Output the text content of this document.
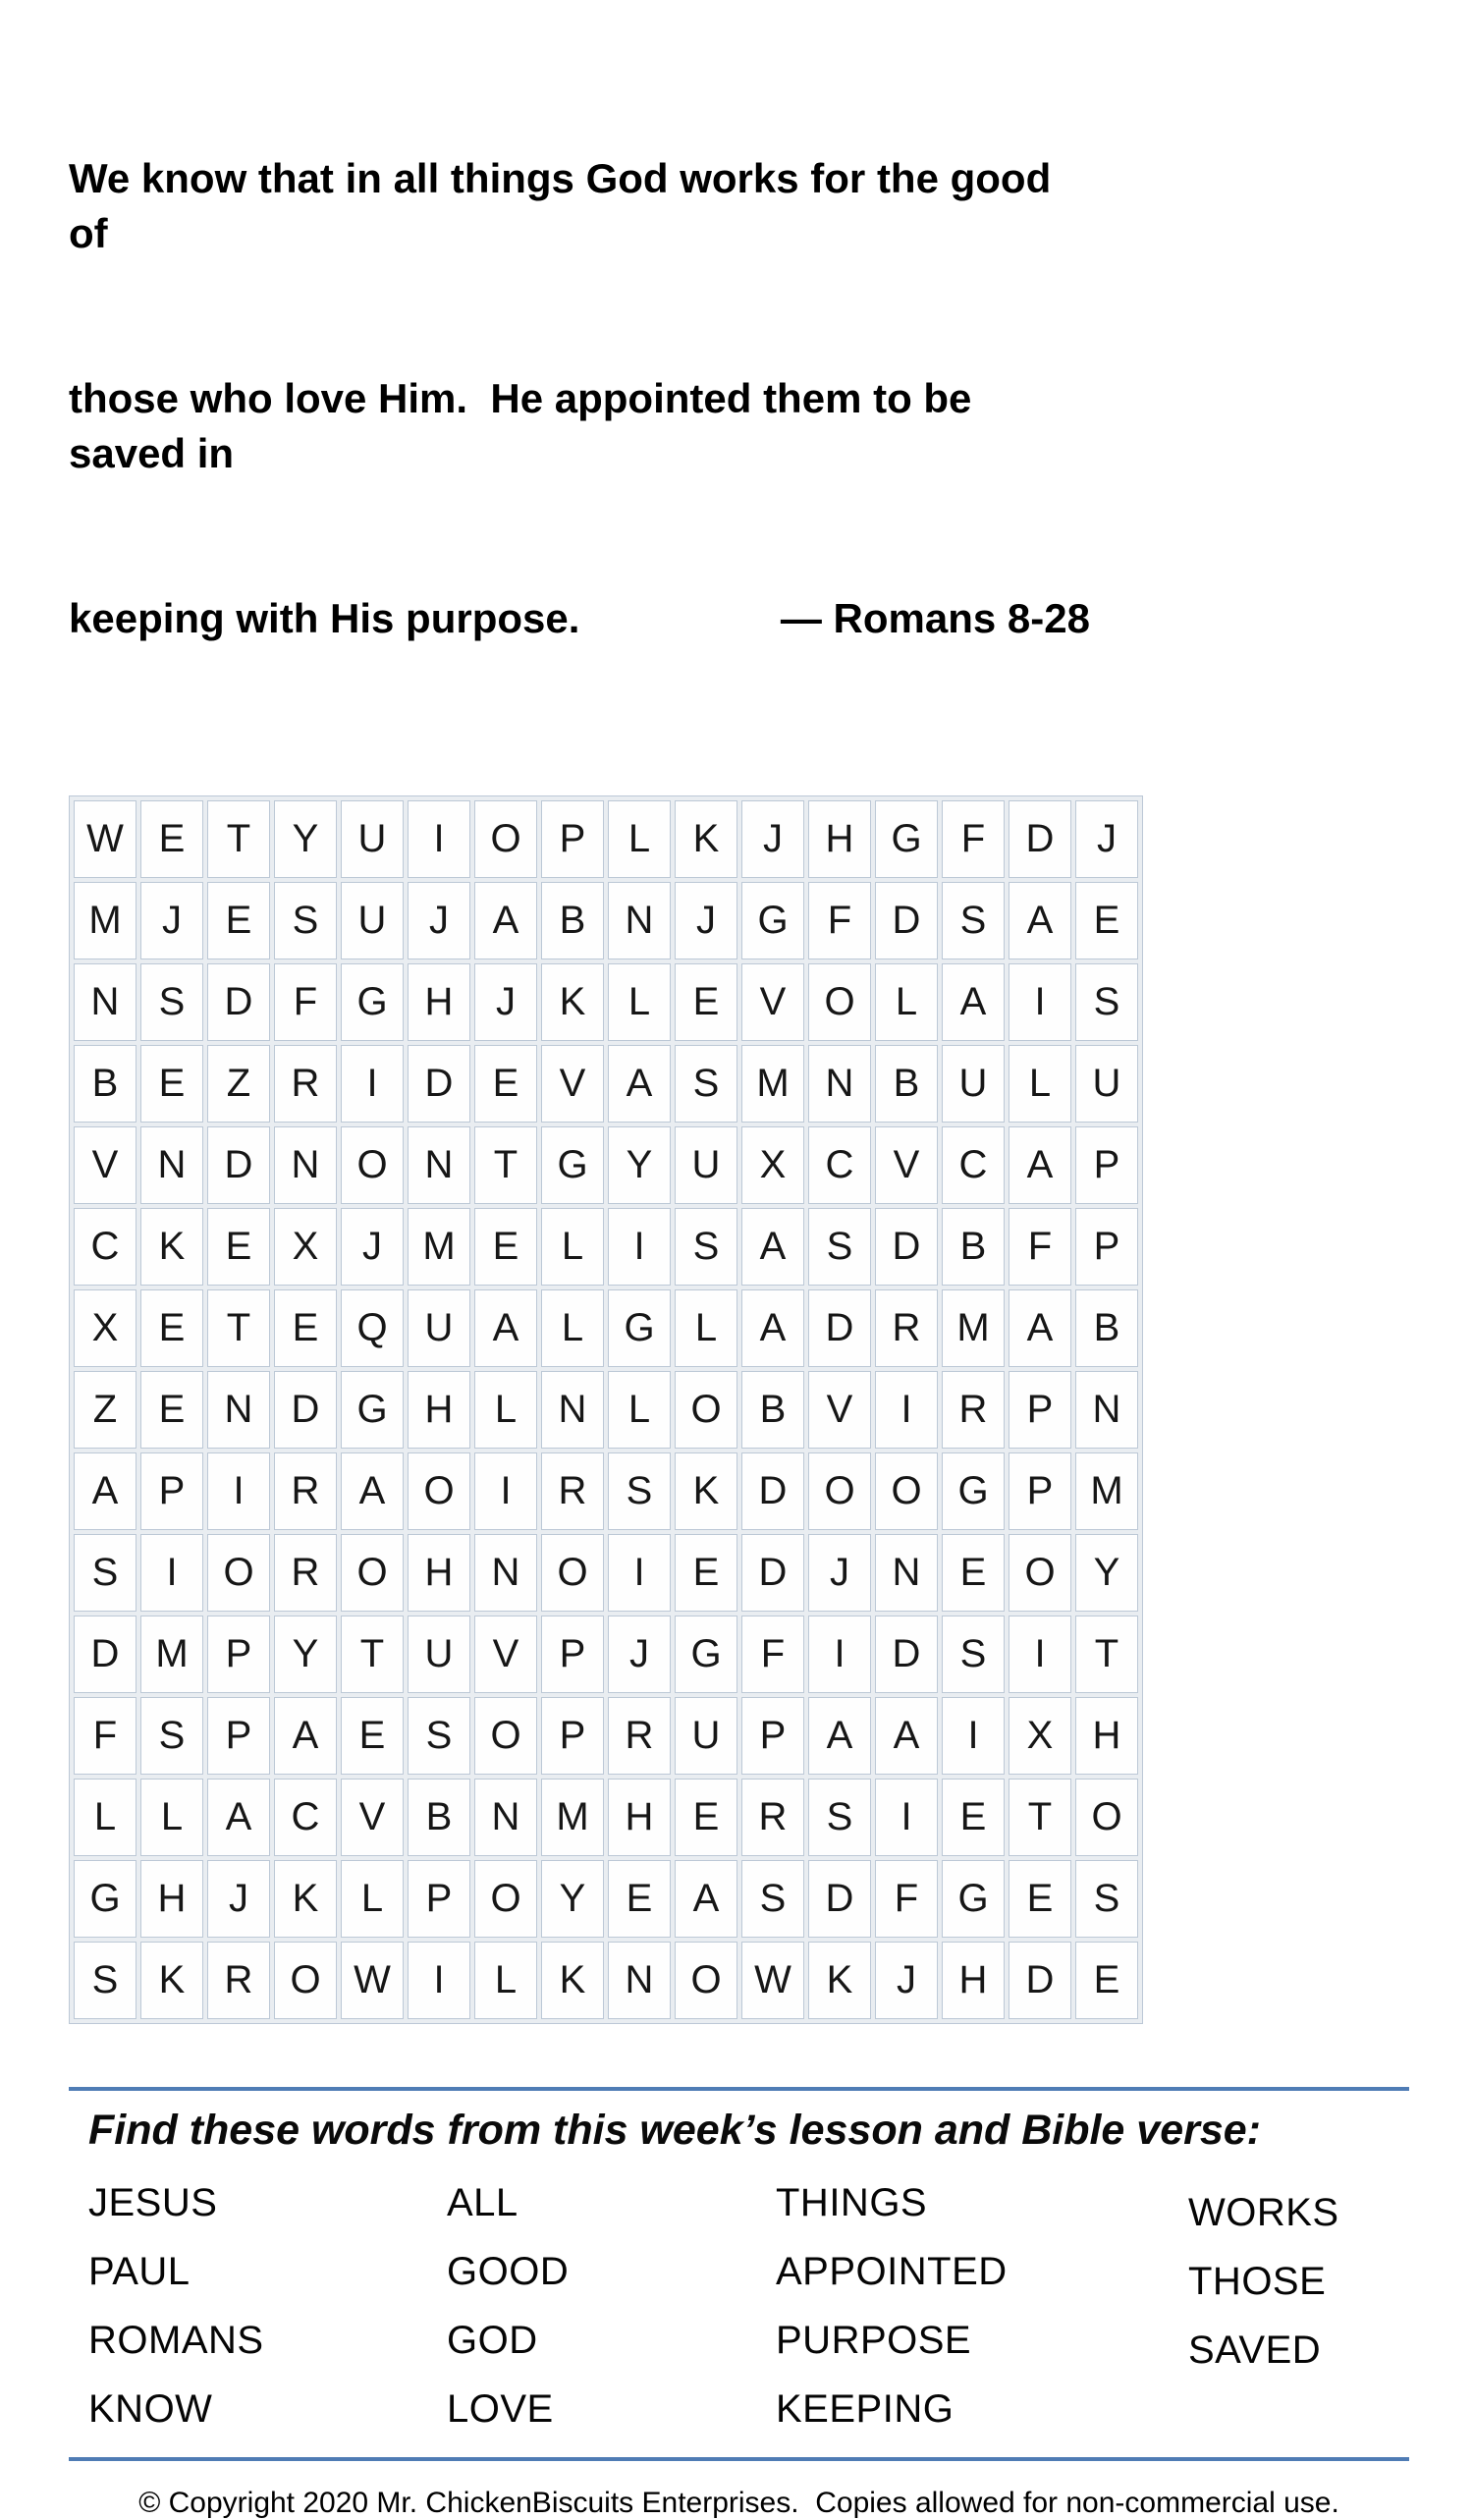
We know that in all things God works for the good of

those who love Him.  He appointed them to be saved in

keeping with His purpose.	— Romans 8-28

W	E	T	Y	U	I	O	P	L	K	J	H	G	F	D	J
M	J	E	S	U	J	A	B	N	J	G	F	D	S	A	E
N	S	D	F	G	H	J	K	L	E	V	O	L	A	I	S
B	E	Z	R	I	D	E	V	A	S	M	N	B	U	L	U
V	N	D	N	O	N	T	G	Y	U	X	C	V	C	A	P
C	K	E	X	J	M	E	L	I	S	A	S	D	B	F	P
X	E	T	E	Q	U	A	L	G	L	A	D	R	M	A	B
Z	E	N	D	G	H	L	N	L	O	B	V	I	R	P	N
A	P	I	R	A	O	I	R	S	K	D	O	O	G	P	M
S	I	O	R	O	H	N	O	I	E	D	J	N	E	O	Y
D	M	P	Y	T	U	V	P	J	G	F	I	D	S	I	T
F	S	P	A	E	S	O	P	R	U	P	A	A	I	X	H
L	L	A	C	V	B	N	M	H	E	R	S	I	E	T	O
G	H	J	K	L	P	O	Y	E	A	S	D	F	G	E	S
S	K	R	O	W	I	L	K	N	O	W	K	J	H	D	E
Find these words from this week’s lesson and Bible verse:
JESUS
PAUL
ROMANS
KNOW
ALL
GOOD
GOD
LOVE
THINGS
APPOINTED
PURPOSE
KEEPING
WORKS
THOSE
SAVED
© Copyright 2020 Mr. ChickenBiscuits Enterprises.  Copies allowed for non-commercial use.
